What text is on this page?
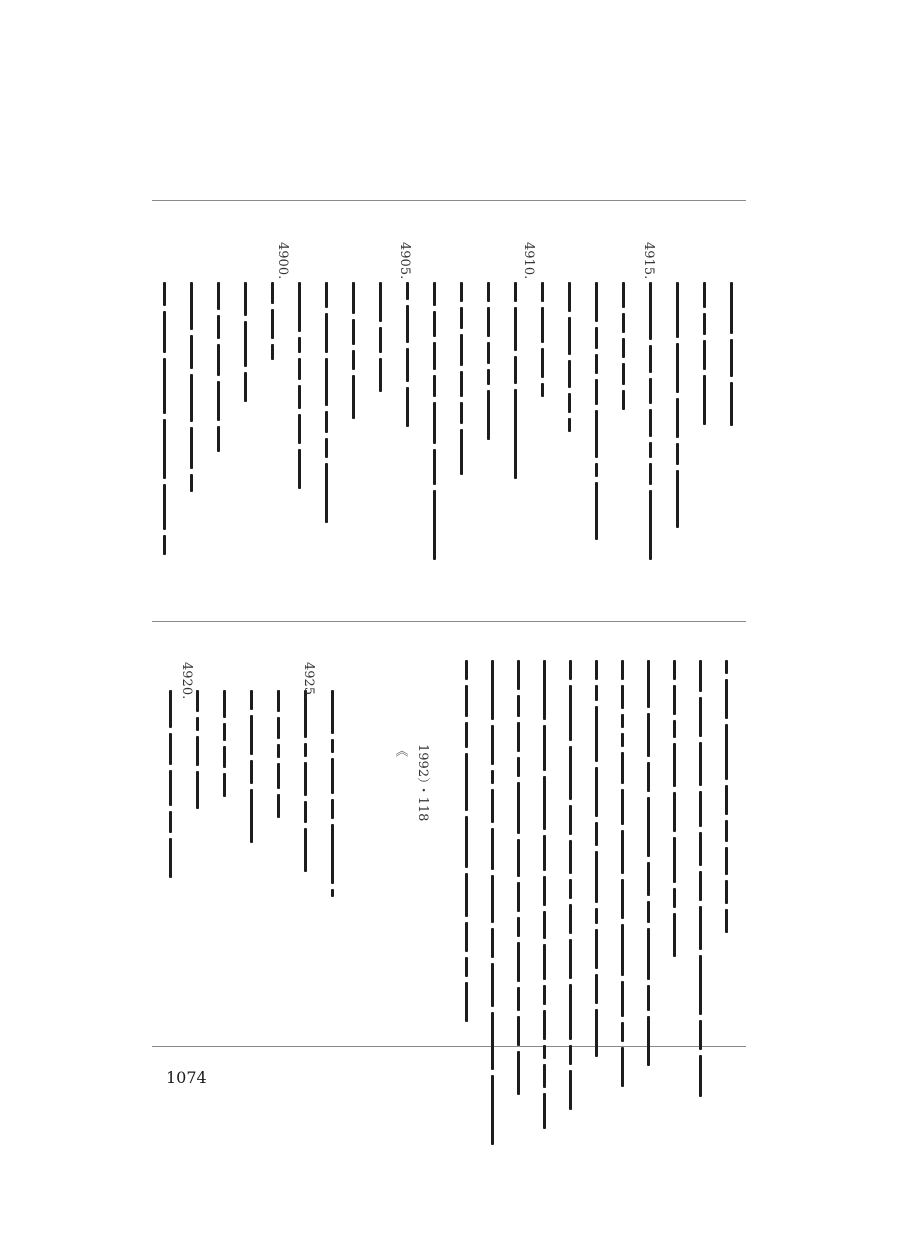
4915.
4910.
4905.
4900.
1992）・118
《
4925.
4920.
1074
